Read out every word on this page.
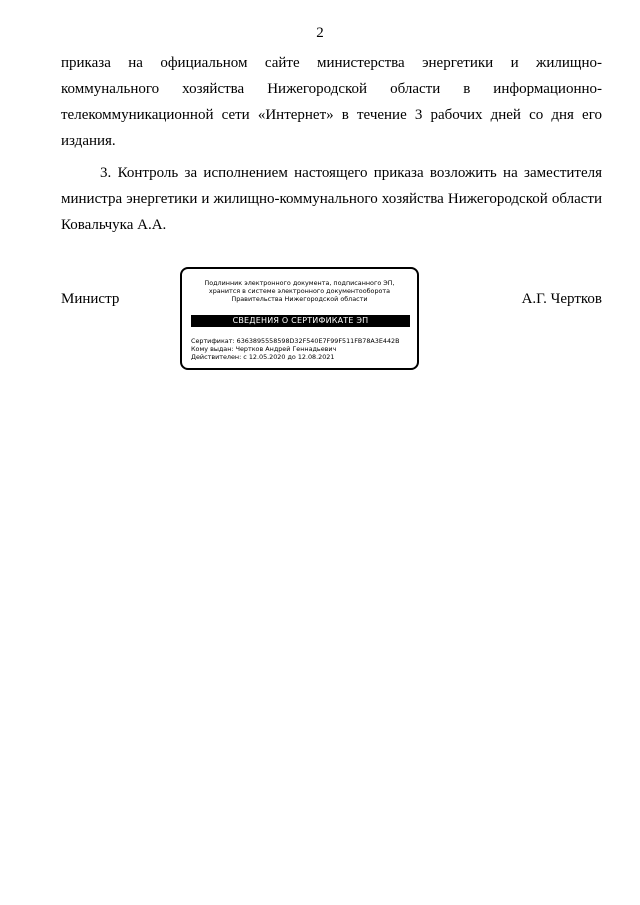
2

приказа на официальном сайте министерства энергетики и жилищно-коммунального хозяйства Нижегородской области в информационно-телекоммуникационной сети «Интернет» в течение 3 рабочих дней со дня его издания.

3. Контроль за исполнением настоящего приказа возложить на заместителя министра энергетики и жилищно-коммунального хозяйства Нижегородской области Ковальчука А.А.

Министр	А.Г. Чертков
Подлинник электронного документа, подписанного ЭП,
хранится в системе электронного документооборота
Правительства Нижегородской области
СВЕДЕНИЯ О СЕРТИФИКАТЕ ЭП
Сертификат: 6363895558598D32F540E7F99F511FB78A3E442B
Кому выдан: Чертков Андрей Геннадьевич
Действителен: с 12.05.2020 до 12.08.2021
